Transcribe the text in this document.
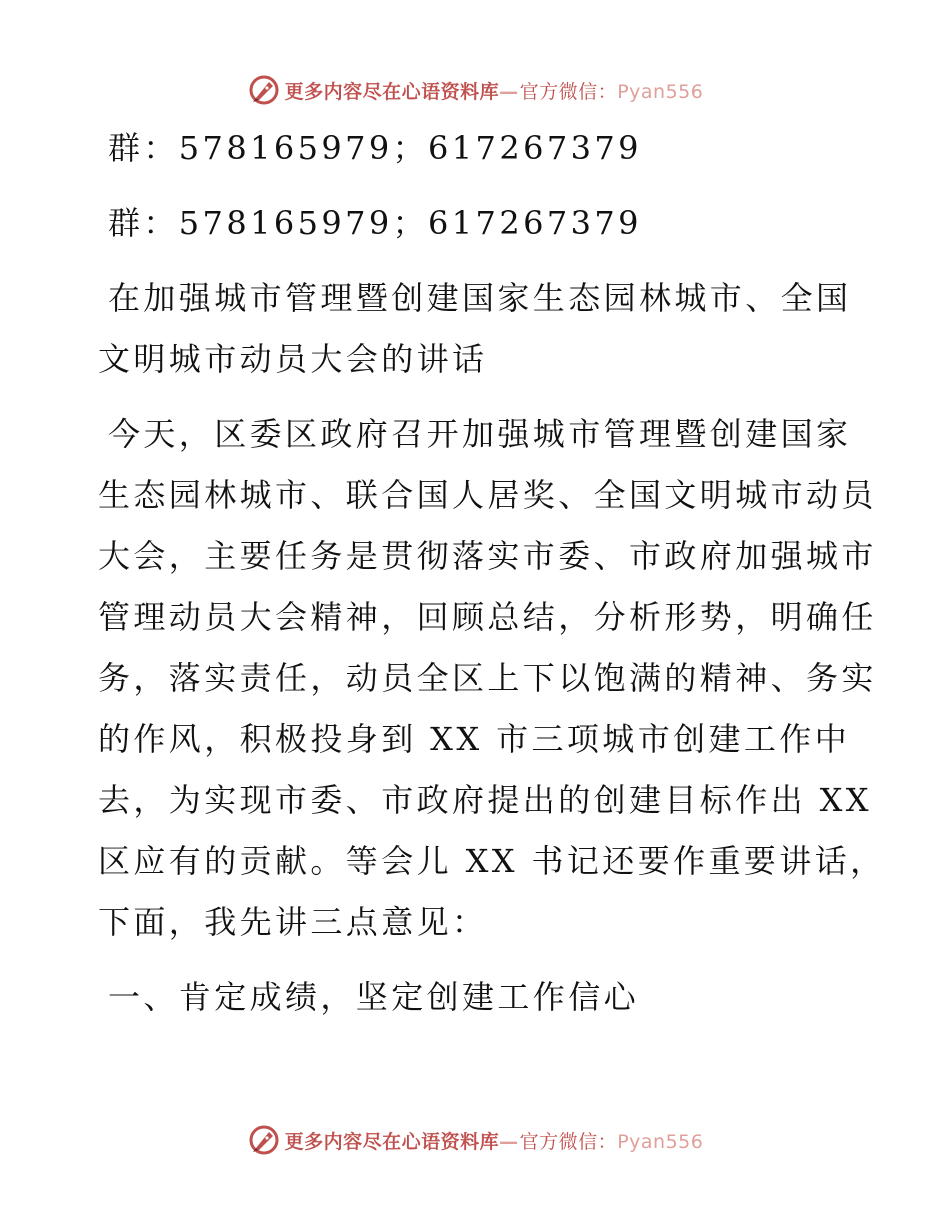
更多内容尽在心语资料库— 官方微信：Pyan556

群：578165979；617267379

群：578165979；617267379

在加强城市管理暨创建国家生态园林城市、全国

文明城市动员大会的讲话

今天，区委区政府召开加强城市管理暨创建国家

生态园林城市、联合国人居奖、全国文明城市动员

大会，主要任务是贯彻落实市委、市政府加强城市

管理动员大会精神，回顾总结，分析形势，明确任

务，落实责任，动员全区上下以饱满的精神、务实

的作风，积极投身到 XX 市三项城市创建工作中

去，为实现市委、市政府提出的创建目标作出 XX

区应有的贡献。等会儿 XX 书记还要作重要讲话，

下面，我先讲三点意见：

一、肯定成绩，坚定创建工作信心

更多内容尽在心语资料库— 官方微信：Pyan556
